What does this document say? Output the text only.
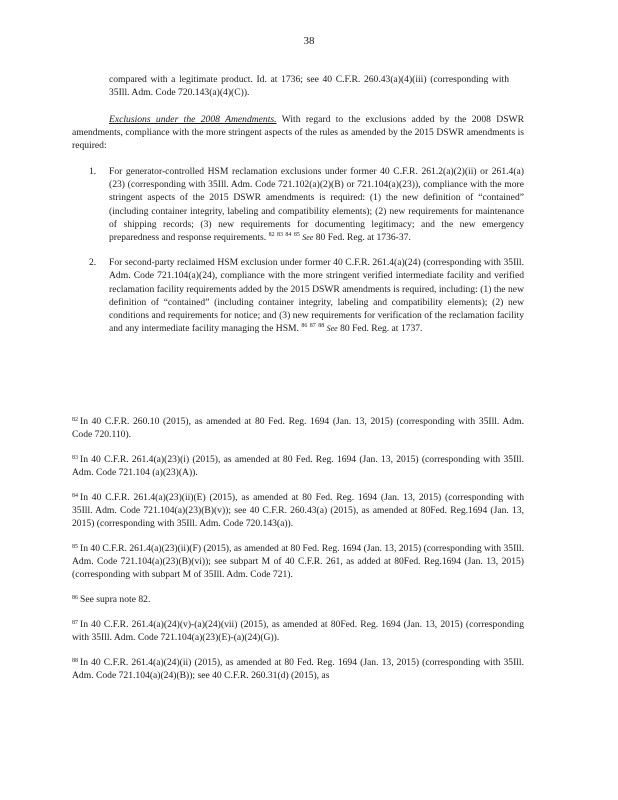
38

compared with a legitimate product. Id. at 1736; see 40 C.F.R. 260.43(a)(4)(iii) (corresponding with 35Ill. Adm. Code 720.143(a)(4)(C)).

Exclusions under the 2008 Amendments. With regard to the exclusions added by the 2008 DSWR amendments, compliance with the more stringent aspects of the rules as amended by the 2015 DSWR amendments is required:

1. For generator-controlled HSM reclamation exclusions under former 40 C.F.R. 261.2(a)(2)(ii) or 261.4(a)(23) (corresponding with 35Ill. Adm. Code 721.102(a)(2)(B) or 721.104(a)(23)), compliance with the more stringent aspects of the 2015 DSWR amendments is required: (1) the new definition of “contained” (including container integrity, labeling and compatibility elements); (2) new requirements for maintenance of shipping records; (3) new requirements for documenting legitimacy; and the new emergency preparedness and response requirements. $^{82}$ $^{83}$ $^{84}$ $^{85}$ See 80 Fed. Reg. at 1736-37.
2. For second-party reclaimed HSM exclusion under former 40 C.F.R. 261.4(a)(24) (corresponding with 35Ill. Adm. Code 721.104(a)(24), compliance with the more stringent verified intermediate facility and verified reclamation facility requirements added by the 2015 DSWR amendments is required, including: (1) the new definition of “contained” (including container integrity, labeling and compatibility elements); (2) new conditions and requirements for notice; and (3) new requirements for verification of the reclamation facility and any intermediate facility managing the HSM. $^{86}$ $^{87}$ $^{88}$ See 80 Fed. Reg. at 1737.

$^{82}$ In 40 C.F.R. 260.10 (2015), as amended at 80 Fed. Reg. 1694 (Jan. 13, 2015) (corresponding with 35Ill. Adm. Code 720.110).

$^{83}$ In 40 C.F.R. 261.4(a)(23)(i) (2015), as amended at 80 Fed. Reg. 1694 (Jan. 13, 2015) (corresponding with 35Ill. Adm. Code 721.104 (a)(23)(A)).

$^{84}$ In 40 C.F.R. 261.4(a)(23)(ii)(E) (2015), as amended at 80 Fed. Reg. 1694 (Jan. 13, 2015) (corresponding with 35Ill. Adm. Code 721.104(a)(23)(B)(v)); see 40 C.F.R. 260.43(a) (2015), as amended at 80Fed. Reg.1694 (Jan. 13, 2015) (corresponding with 35Ill. Adm. Code 720.143(a)).

$^{85}$ In 40 C.F.R. 261.4(a)(23)(ii)(F) (2015), as amended at 80 Fed. Reg. 1694 (Jan. 13, 2015) (corresponding with 35Ill. Adm. Code 721.104(a)(23)(B)(vi)); see subpart M of 40 C.F.R. 261, as added at 80Fed. Reg.1694 (Jan. 13, 2015) (corresponding with subpart M of 35Ill. Adm. Code 721).

$^{86}$ See supra note 82.

$^{87}$ In 40 C.F.R. 261.4(a)(24)(v)-(a)(24)(vii) (2015), as amended at 80Fed. Reg. 1694 (Jan. 13, 2015) (corresponding with 35Ill. Adm. Code 721.104(a)(23)(E)-(a)(24)(G)).

$^{88}$ In 40 C.F.R. 261.4(a)(24)(ii) (2015), as amended at 80 Fed. Reg. 1694 (Jan. 13, 2015) (corresponding with 35Ill. Adm. Code 721.104(a)(24)(B)); see 40 C.F.R. 260.31(d) (2015), as
